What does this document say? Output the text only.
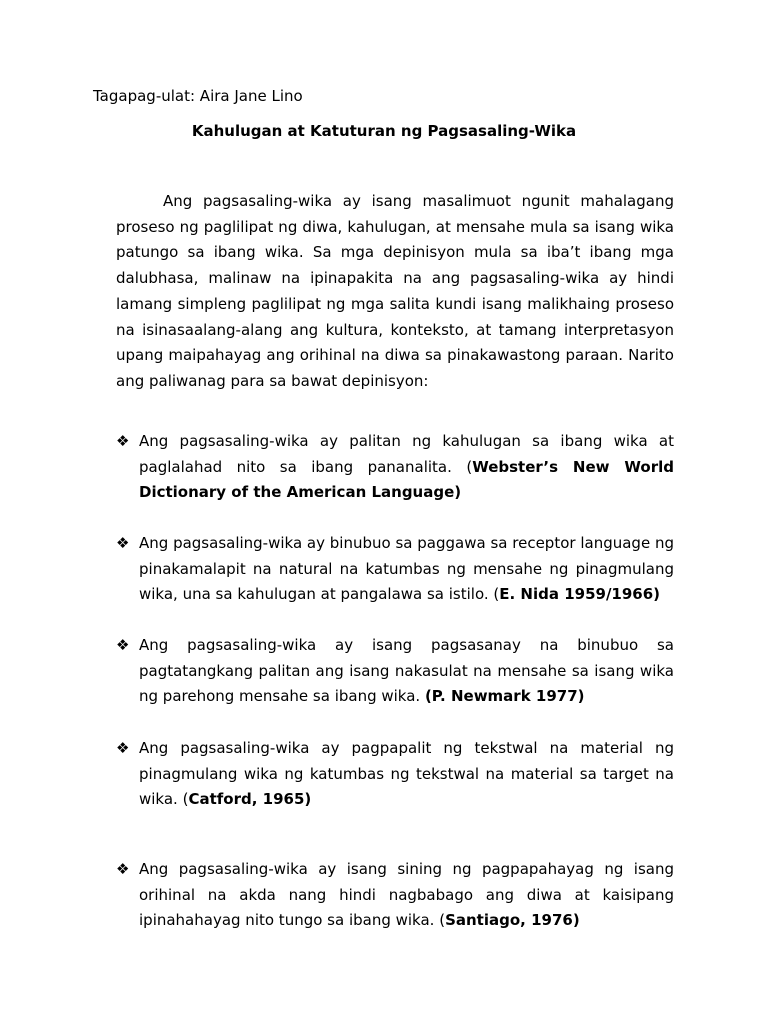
Tagapag-ulat: Aira Jane Lino
Kahulugan at Katuturan ng Pagsasaling-Wika

Ang pagsasaling-wika ay isang masalimuot ngunit mahalagang proseso ng paglilipat ng diwa, kahulugan, at mensahe mula sa isang wika patungo sa ibang wika. Sa mga depinisyon mula sa iba’t ibang mga dalubhasa, malinaw na ipinapakita na ang pagsasaling-wika ay hindi lamang simpleng paglilipat ng mga salita kundi isang malikhaing proseso na isinasaalang-alang ang kultura, konteksto, at tamang interpretasyon upang maipahayag ang orihinal na diwa sa pinakawastong paraan. Narito ang paliwanag para sa bawat depinisyon:

❖ Ang pagsasaling-wika ay palitan ng kahulugan sa ibang wika at paglalahad nito sa ibang pananalita. (Webster’s New World Dictionary of the American Language)

❖ Ang pagsasaling-wika ay binubuo sa paggawa sa receptor language ng pinakamalapit na natural na katumbas ng mensahe ng pinagmulang wika, una sa kahulugan at pangalawa sa istilo. (E. Nida 1959/1966)

❖ Ang pagsasaling-wika ay isang pagsasanay na binubuo sa pagtatangkang palitan ang isang nakasulat na mensahe sa isang wika ng parehong mensahe sa ibang wika. (P. Newmark 1977)

❖ Ang pagsasaling-wika ay pagpapalit ng tekstwal na material ng pinagmulang wika ng katumbas ng tekstwal na material sa target na wika. (Catford, 1965)

❖ Ang pagsasaling-wika ay isang sining ng pagpapahayag ng isang orihinal na akda nang hindi nagbabago ang diwa at kaisipang ipinahahayag nito tungo sa ibang wika. (Santiago, 1976)
